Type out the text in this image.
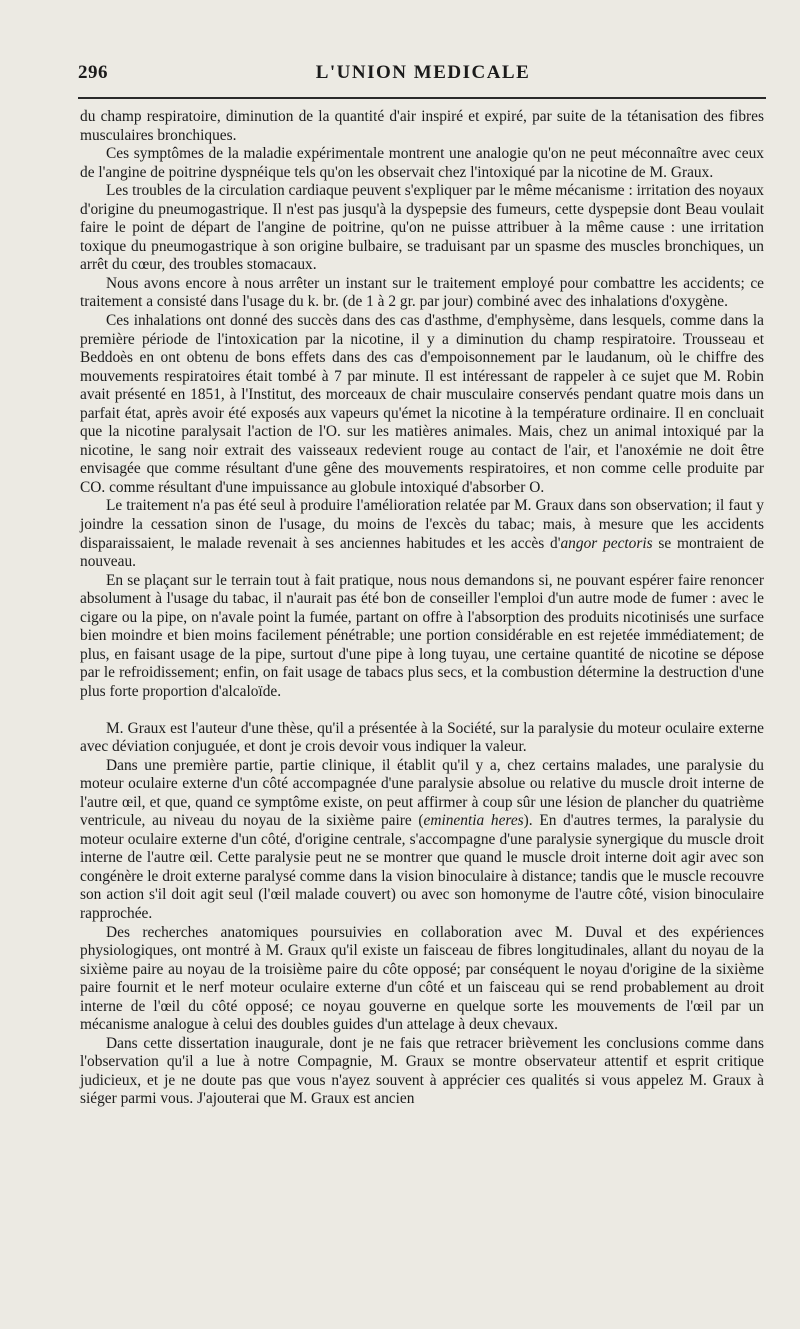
296	L'UNION MEDICALE

du champ respiratoire, diminution de la quantité d'air inspiré et expiré, par suite de la tétanisation des fibres musculaires bronchiques.

Ces symptômes de la maladie expérimentale montrent une analogie qu'on ne peut méconnaître avec ceux de l'angine de poitrine dyspnéique tels qu'on les observait chez l'intoxiqué par la nicotine de M. Graux.

Les troubles de la circulation cardiaque peuvent s'expliquer par le même mécanisme : irritation des noyaux d'origine du pneumogastrique. Il n'est pas jusqu'à la dyspepsie des fumeurs, cette dyspepsie dont Beau voulait faire le point de départ de l'angine de poitrine, qu'on ne puisse attribuer à la même cause : une irritation toxique du pneumogastrique à son origine bulbaire, se traduisant par un spasme des muscles bronchiques, un arrêt du cœur, des troubles stomacaux.

Nous avons encore à nous arrêter un instant sur le traitement employé pour combattre les accidents; ce traitement a consisté dans l'usage du k. br. (de 1 à 2 gr. par jour) combiné avec des inhalations d'oxygène.

Ces inhalations ont donné des succès dans des cas d'asthme, d'emphysème, dans lesquels, comme dans la première période de l'intoxication par la nicotine, il y a diminution du champ respiratoire. Trousseau et Beddoès en ont obtenu de bons effets dans des cas d'empoisonnement par le laudanum, où le chiffre des mouvements respiratoires était tombé à 7 par minute. Il est intéressant de rappeler à ce sujet que M. Robin avait présenté en 1851, à l'Institut, des morceaux de chair musculaire conservés pendant quatre mois dans un parfait état, après avoir été exposés aux vapeurs qu'émet la nicotine à la température ordinaire. Il en concluait que la nicotine paralysait l'action de l'O. sur les matières animales. Mais, chez un animal intoxiqué par la nicotine, le sang noir extrait des vaisseaux redevient rouge au contact de l'air, et l'anoxémie ne doit être envisagée que comme résultant d'une gêne des mouvements respiratoires, et non comme celle produite par CO. comme résultant d'une impuissance au globule intoxiqué d'absorber O.

Le traitement n'a pas été seul à produire l'amélioration relatée par M. Graux dans son observation; il faut y joindre la cessation sinon de l'usage, du moins de l'excès du tabac; mais, à mesure que les accidents disparaissaient, le malade revenait à ses anciennes habitudes et les accès d'angor pectoris se montraient de nouveau.

En se plaçant sur le terrain tout à fait pratique, nous nous demandons si, ne pouvant espérer faire renoncer absolument à l'usage du tabac, il n'aurait pas été bon de conseiller l'emploi d'un autre mode de fumer : avec le cigare ou la pipe, on n'avale point la fumée, partant on offre à l'absorption des produits nicotinisés une surface bien moindre et bien moins facilement pénétrable; une portion considérable en est rejetée immédiatement; de plus, en faisant usage de la pipe, surtout d'une pipe à long tuyau, une certaine quantité de nicotine se dépose par le refroidissement; enfin, on fait usage de tabacs plus secs, et la combustion détermine la destruction d'une plus forte proportion d'alcaloïde.

M. Graux est l'auteur d'une thèse, qu'il a présentée à la Société, sur la paralysie du moteur oculaire externe avec déviation conjuguée, et dont je crois devoir vous indiquer la valeur.

Dans une première partie, partie clinique, il établit qu'il y a, chez certains malades, une paralysie du moteur oculaire externe d'un côté accompagnée d'une paralysie absolue ou relative du muscle droit interne de l'autre œil, et que, quand ce symptôme existe, on peut affirmer à coup sûr une lésion de plancher du quatrième ventricule, au niveau du noyau de la sixième paire (eminentia heres). En d'autres termes, la paralysie du moteur oculaire externe d'un côté, d'origine centrale, s'accompagne d'une paralysie synergique du muscle droit interne de l'autre œil. Cette paralysie peut ne se montrer que quand le muscle droit interne doit agir avec son congénère le droit externe paralysé comme dans la vision binoculaire à distance; tandis que le muscle recouvre son action s'il doit agit seul (l'œil malade couvert) ou avec son homonyme de l'autre côté, vision binoculaire rapprochée.

Des recherches anatomiques poursuivies en collaboration avec M. Duval et des expériences physiologiques, ont montré à M. Graux qu'il existe un faisceau de fibres longitudinales, allant du noyau de la sixième paire au noyau de la troisième paire du côte opposé; par conséquent le noyau d'origine de la sixième paire fournit et le nerf moteur oculaire externe d'un côté et un faisceau qui se rend probablement au droit interne de l'œil du côté opposé; ce noyau gouverne en quelque sorte les mouvements de l'œil par un mécanisme analogue à celui des doubles guides d'un attelage à deux chevaux.

Dans cette dissertation inaugurale, dont je ne fais que retracer brièvement les conclusions comme dans l'observation qu'il a lue à notre Compagnie, M. Graux se montre observateur attentif et esprit critique judicieux, et je ne doute pas que vous n'ayez souvent à apprécier ces qualités si vous appelez M. Graux à siéger parmi vous. J'ajouterai que M. Graux est ancien
